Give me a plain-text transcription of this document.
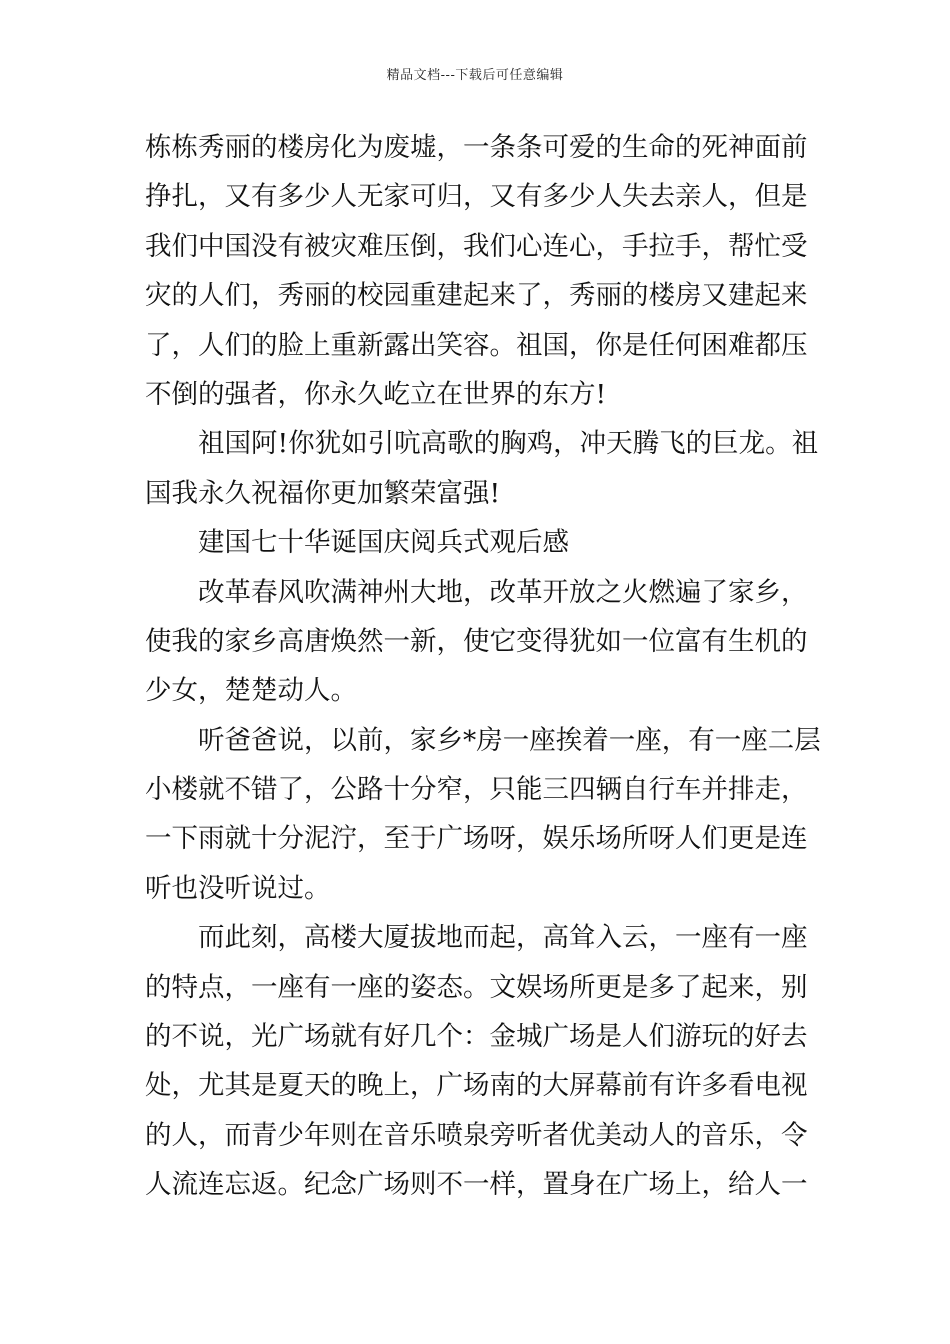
精品文档---下载后可任意编辑
栋栋秀丽的楼房化为废墟，一条条可爱的生命的死神面前
挣扎，又有多少人无家可归，又有多少人失去亲人，但是
我们中国没有被灾难压倒，我们心连心，手拉手，帮忙受
灾的人们，秀丽的校园重建起来了，秀丽的楼房又建起来
了，人们的脸上重新露出笑容。祖国，你是任何困难都压
不倒的强者，你永久屹立在世界的东方!
祖国阿!你犹如引吭高歌的胸鸡，冲天腾飞的巨龙。祖
国我永久祝福你更加繁荣富强!
建国七十华诞国庆阅兵式观后感
改革春风吹满神州大地，改革开放之火燃遍了家乡，
使我的家乡高唐焕然一新，使它变得犹如一位富有生机的
少女，楚楚动人。
听爸爸说，以前，家乡*房一座挨着一座，有一座二层
小楼就不错了，公路十分窄，只能三四辆自行车并排走，
一下雨就十分泥泞，至于广场呀，娱乐场所呀人们更是连
听也没听说过。
而此刻，高楼大厦拔地而起，高耸入云，一座有一座
的特点，一座有一座的姿态。文娱场所更是多了起来，别
的不说，光广场就有好几个：金城广场是人们游玩的好去
处，尤其是夏天的晚上，广场南的大屏幕前有许多看电视
的人，而青少年则在音乐喷泉旁听者优美动人的音乐，令
人流连忘返。纪念广场则不一样，置身在广场上，给人一
